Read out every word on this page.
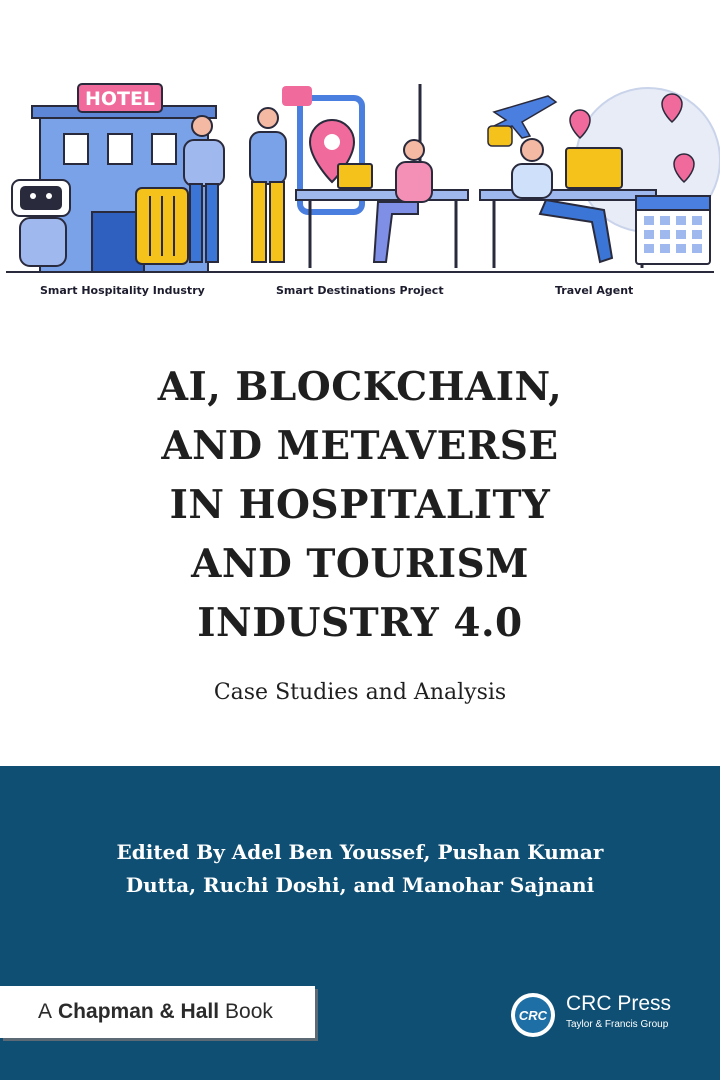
HOTEL
Smart Hospitality Industry	Smart Destinations Project	Travel Agent
AI, BLOCKCHAIN,
AND METAVERSE
IN HOSPITALITY
AND TOURISM
INDUSTRY 4.0
Case Studies and Analysis
Edited By Adel Ben Youssef, Pushan Kumar
Dutta, Ruchi Doshi, and Manohar Sajnani
A Chapman & Hall Book	CRC
CRC Press
Taylor & Francis Group
